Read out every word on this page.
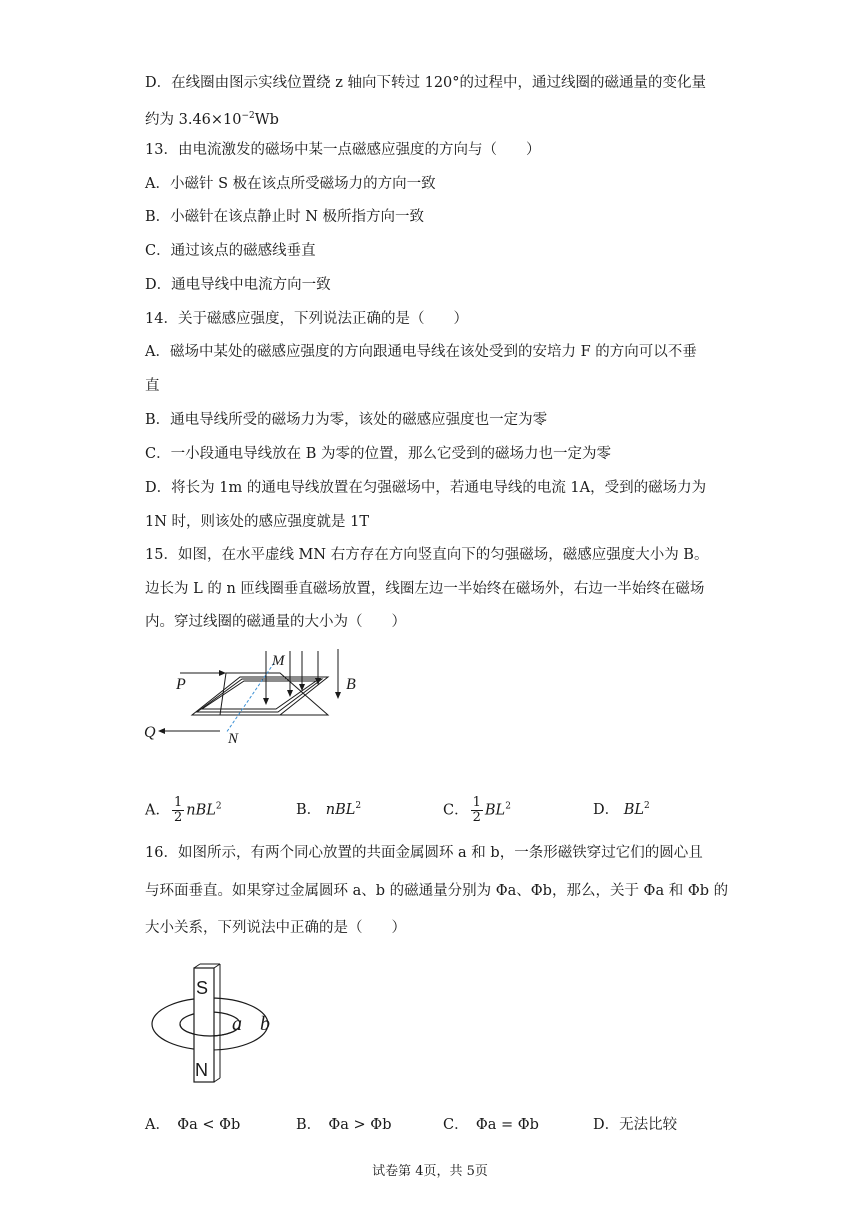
D．在线圈由图示实线位置绕 z 轴向下转过 120°的过程中，通过线圈的磁通量的变化量
约为 $3.46\times 10^{-2}Wb$
13．由电流激发的磁场中某一点磁感应强度的方向与（　　）
A．小磁针 S 极在该点所受磁场力的方向一致
B．小磁针在该点静止时 N 极所指方向一致
C．通过该点的磁感线垂直
D．通电导线中电流方向一致
14．关于磁感应强度，下列说法正确的是（　　）
A．磁场中某处的磁感应强度的方向跟通电导线在该处受到的安培力 F 的方向可以不垂
直
B．通电导线所受的磁场力为零，该处的磁感应强度也一定为零
C．一小段通电导线放在 B 为零的位置，那么它受到的磁场力也一定为零
D．将长为 1m 的通电导线放置在匀强磁场中，若通电导线的电流 1A，受到的磁场力为
1N 时，则该处的感应强度就是 1T
15．如图，在水平虚线 MN 右方存在方向竖直向下的匀强磁场，磁感应强度大小为 B。
边长为 L 的 n 匝线圈垂直磁场放置，线圈左边一半始终在磁场外，右边一半始终在磁场
内。穿过线圈的磁通量的大小为（　　）
P
Q
M
N
B
A． $\frac{1}{2} nBL^2$	B． nBL$^2$	C． $\frac{1}{2} BL^2$	D． $BL^2$
16．如图所示，有两个同心放置的共面金属圆环 a 和 b，一条形磁铁穿过它们的圆心且
与环面垂直。如果穿过金属圆环 a、b 的磁通量分别为 Φa、Φb，那么，关于 Φa 和 Φb 的
大小关系，下列说法中正确的是（　　）
S
N
a b
A．　Φa < Φb	B．　Φa > Φb	C．　Φa = Φb	D．无法比较
试卷第 4页，共 5页
